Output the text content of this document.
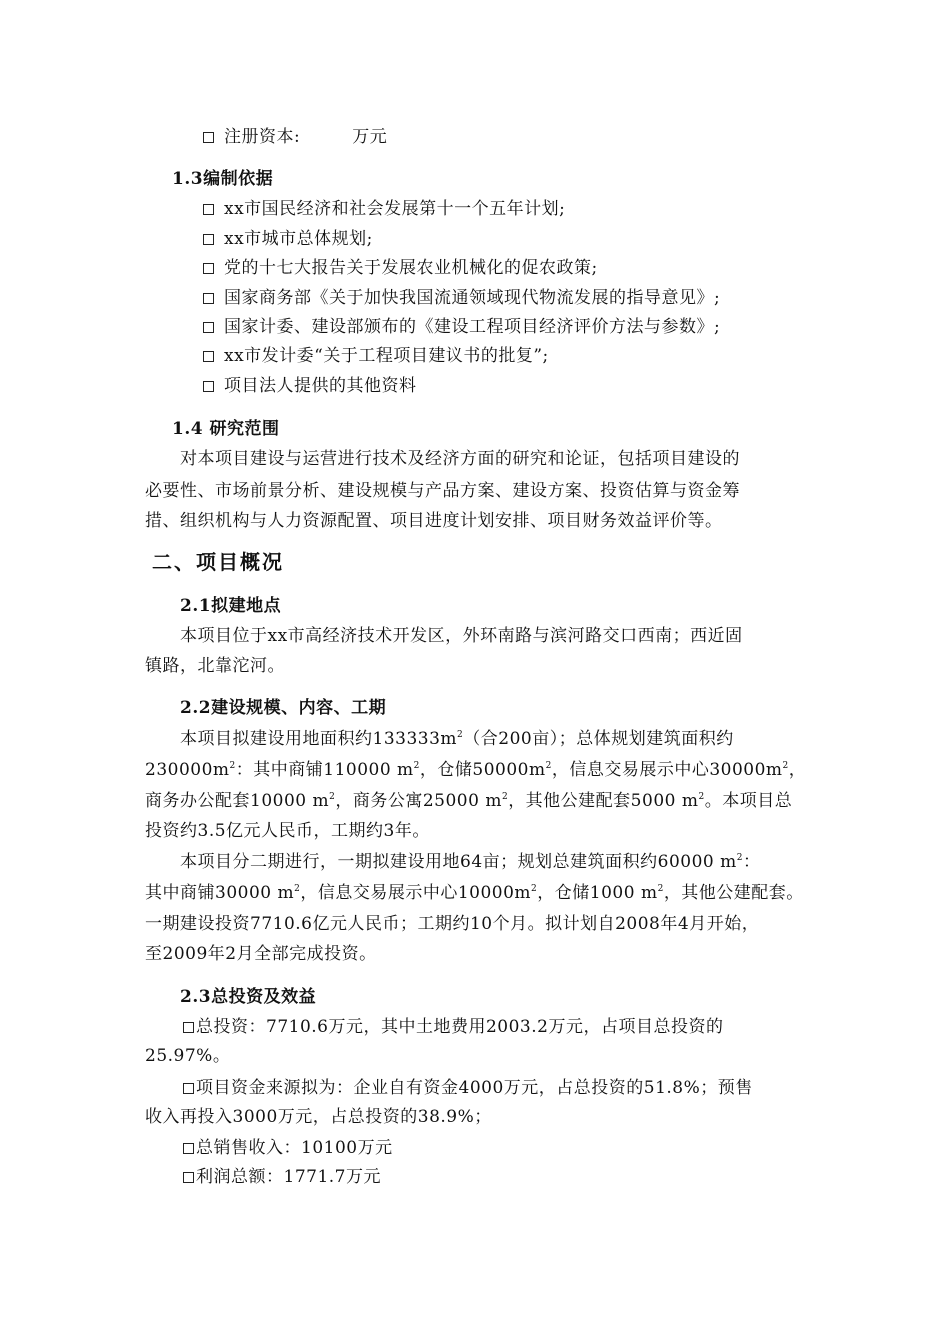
注册资本:	万元
1.3编制依据
xx市国民经济和社会发展第十一个五年计划;
xx市城市总体规划;
党的十七大报告关于发展农业机械化的促农政策;
国家商务部《关于加快我国流通领域现代物流发展的指导意见》;
国家计委、建设部颁布的《建设工程项目经济评价方法与参数》;
xx市发计委“关于工程项目建议书的批复”;
项目法人提供的其他资料
1.4 研究范围
对本项目建设与运营进行技术及经济方面的研究和论证，包括项目建设的
必要性、市场前景分析、建设规模与产品方案、建设方案、投资估算与资金筹
措、组织机构与人力资源配置、项目进度计划安排、项目财务效益评价等。
二、项目概况
2.1拟建地点
本项目位于xx市高经济技术开发区，外环南路与滨河路交口西南；西近固
镇路，北靠沱河。
2.2建设规模、内容、工期
本项目拟建设用地面积约$133333m^2$（合200亩）；总体规划建筑面积约
$230000m^2$：其中商铺110000 $m^2$，仓储$50000m^2$，信息交易展示中心$30000m^2$，
商务办公配套10000 $m^2$，商务公寓25000 $m^2$，其他公建配套5000 $m^2$。本项目总
投资约3.5亿元人民币，工期约3年。
本项目分二期进行，一期拟建设用地64亩；规划总建筑面积约60000 $m^2$：
其中商铺30000 $m^2$，信息交易展示中心$10000m^2$，仓储1000 $m^2$，其他公建配套。
一期建设投资7710.6亿元人民币；工期约10个月。拟计划自2008年4月开始，
至2009年2月全部完成投资。
2.3总投资及效益
总投资：7710.6万元，其中土地费用2003.2万元，占项目总投资的
25.97%。
项目资金来源拟为：企业自有资金4000万元，占总投资的51.8%；预售
收入再投入3000万元，占总投资的38.9%；
总销售收入：10100万元
利润总额：1771.7万元
